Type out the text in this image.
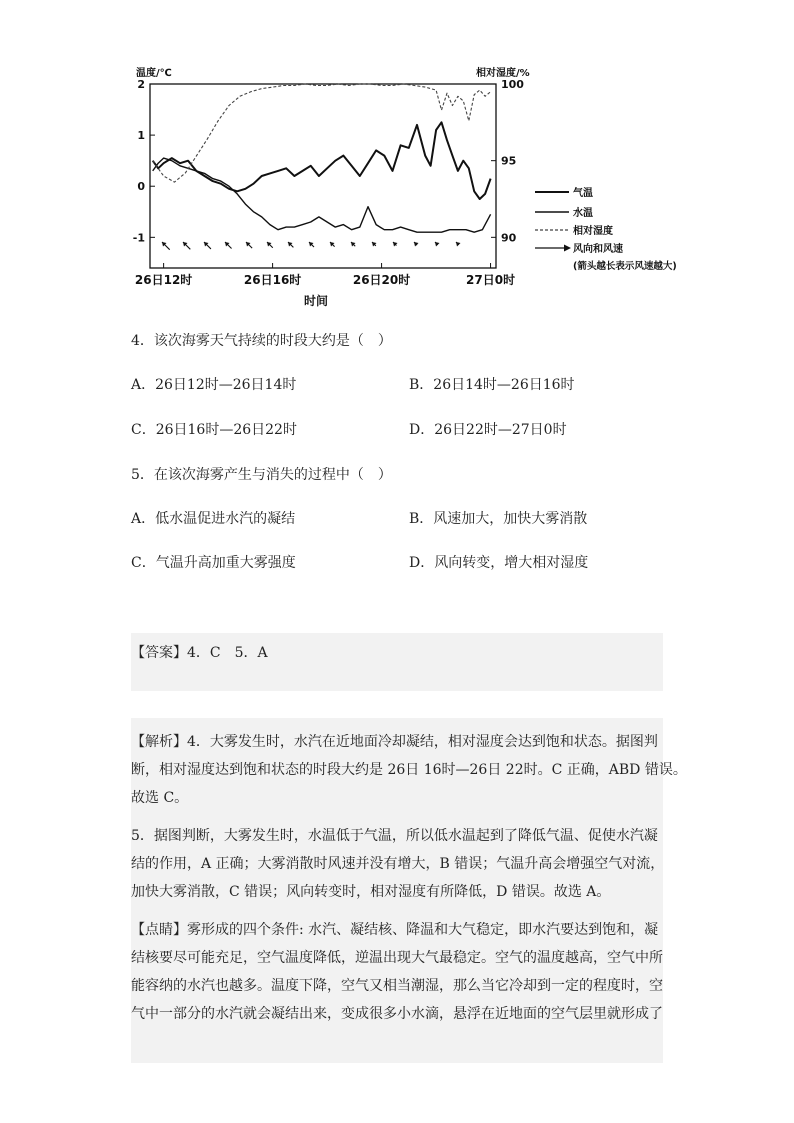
温度/℃	相对湿度/%
时间
2
1
0
-1
100
95
90
26日12时	26日16时	26日20时	27日0时
气温
水温
相对湿度
风向和风速
(箭头越长表示风速越大)
4．该次海雾天气持续的时段大约是（　）
A．26日12时—26日14时	B．26日14时—26日16时
C．26日16时—26日22时	D．26日22时—27日0时
5．在该次海雾产生与消失的过程中（　）
A．低水温促进水汽的凝结	B．风速加大，加快大雾消散
C．气温升高加重大雾强度	D．风向转变，增大相对湿度
【答案】4．C　5．A
【解析】4．大雾发生时，水汽在近地面冷却凝结，相对湿度会达到饱和状态。据图判
断，相对湿度达到饱和状态的时段大约是 26日 16时—26日 22时。C 正确，ABD 错误。
故选 C。
5．据图判断，大雾发生时，水温低于气温，所以低水温起到了降低气温、促使水汽凝
结的作用，A 正确；大雾消散时风速并没有增大，B 错误；气温升高会增强空气对流，
加快大雾消散，C 错误；风向转变时，相对湿度有所降低，D 错误。故选 A。
【点睛】雾形成的四个条件: 水汽、凝结核、降温和大气稳定，即水汽要达到饱和，凝
结核要尽可能充足，空气温度降低，逆温出现大气最稳定。空气的温度越高，空气中所
能容纳的水汽也越多。温度下降，空气又相当潮湿，那么当它冷却到一定的程度时，空
气中一部分的水汽就会凝结出来，变成很多小水滴，悬浮在近地面的空气层里就形成了
